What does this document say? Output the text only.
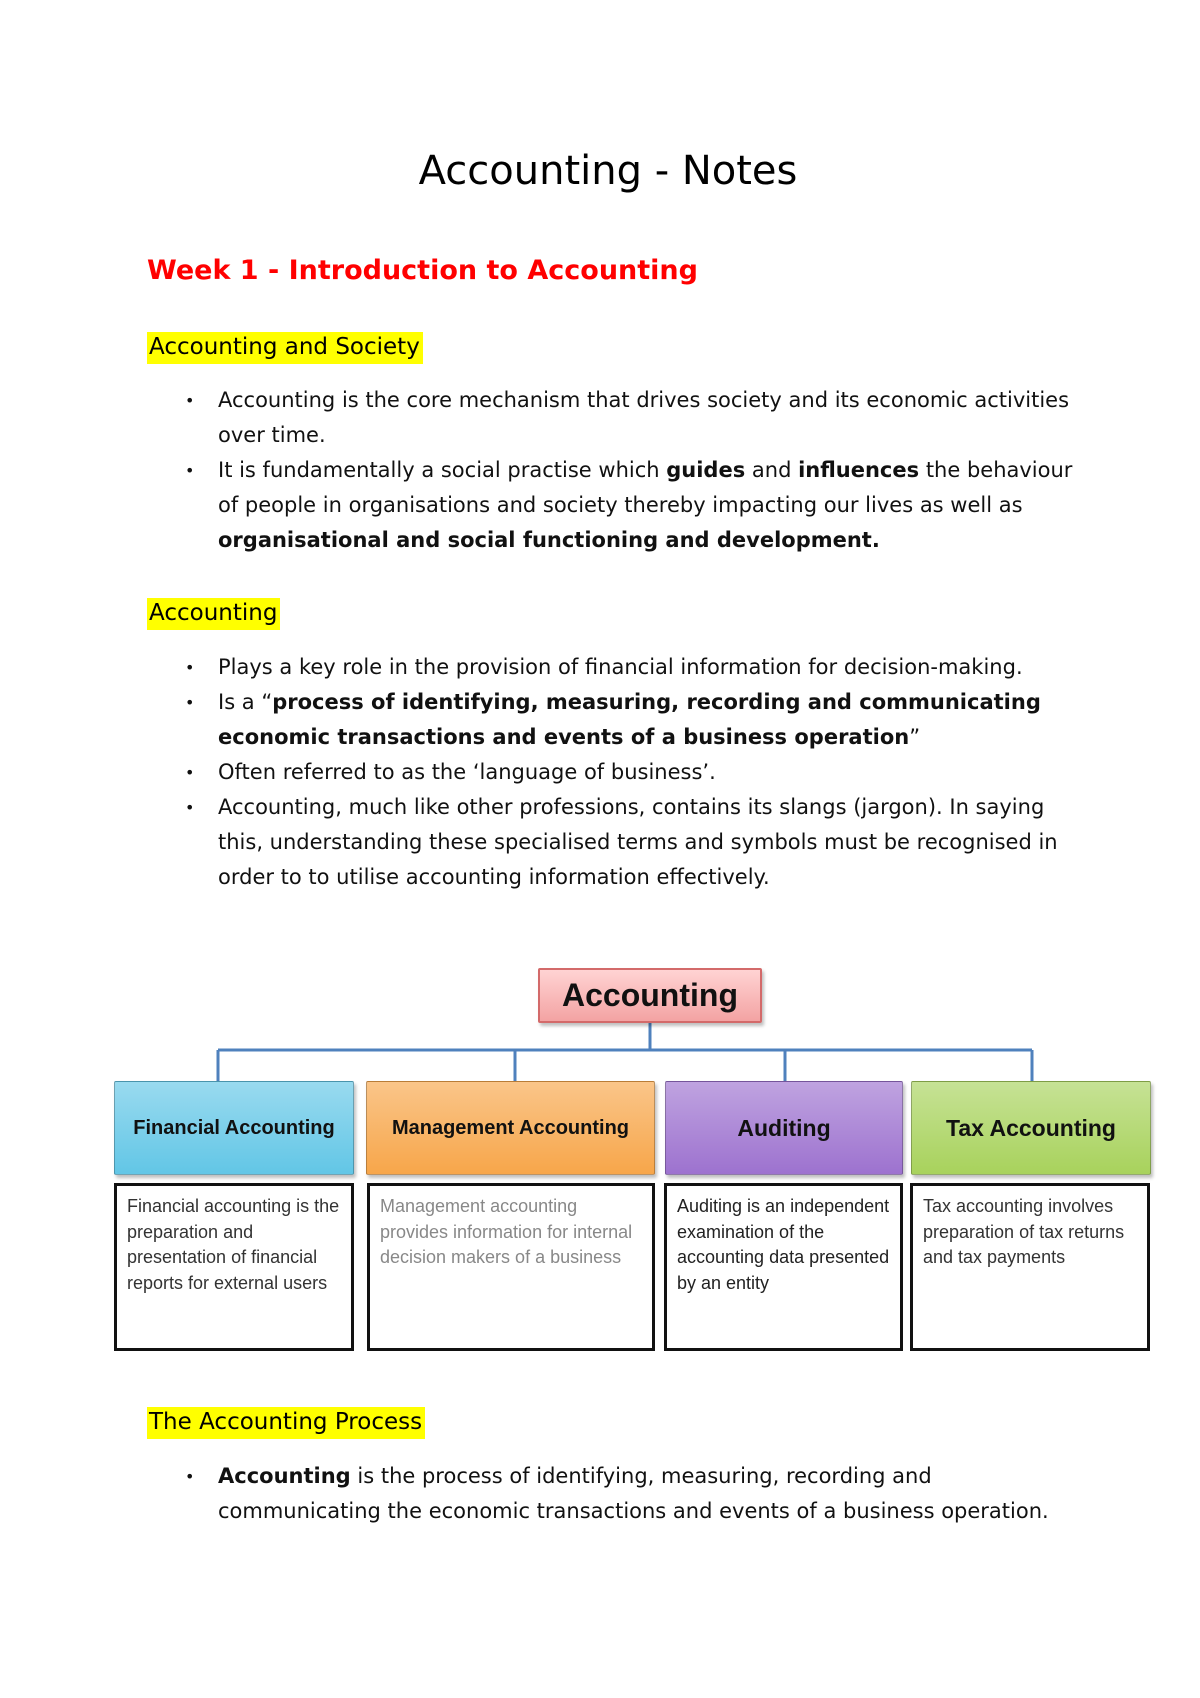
Accounting - Notes
Week 1 - Introduction to Accounting
Accounting and Society
• Accounting is the core mechanism that drives society and its economic activities over time.
• It is fundamentally a social practise which guides and influences the behaviour of people in organisations and society thereby impacting our lives as well as organisational and social functioning and development.
Accounting
• Plays a key role in the provision of financial information for decision-making.
• Is a “process of identifying, measuring, recording and communicating economic transactions and events of a business operation”
• Often referred to as the ‘language of business’.
• Accounting, much like other professions, contains its slangs (jargon). In saying this, understanding these specialised terms and symbols must be recognised in order to to utilise accounting information effectively.
Accounting
Financial Accounting	Management Accounting	Auditing	Tax Accounting
Financial accounting is the preparation and presentation of financial reports for external users
Management accounting provides information for internal decision makers of a business
Auditing is an independent examination of the accounting data presented by an entity
Tax accounting involves preparation of tax returns and tax payments
The Accounting Process
• Accounting is the process of identifying, measuring, recording and communicating the economic transactions and events of a business operation.
